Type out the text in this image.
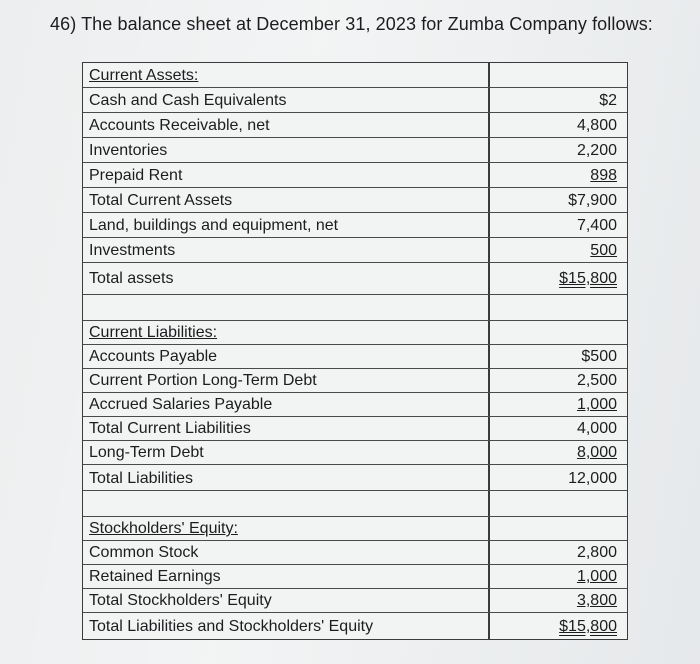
46) The balance sheet at December 31, 2023 for Zumba Company follows:
Current Assets:
Cash and Cash Equivalents	$2
Accounts Receivable, net	4,800
Inventories	2,200
Prepaid Rent	898
Total Current Assets	$7,900
Land, buildings and equipment, net	7,400
Investments	500
Total assets	$15,800
Current Liabilities:
Accounts Payable	$500
Current Portion Long-Term Debt	2,500
Accrued Salaries Payable	1,000
Total Current Liabilities	4,000
Long-Term Debt	8,000
Total Liabilities	12,000
Stockholders' Equity:
Common Stock	2,800
Retained Earnings	1,000
Total Stockholders' Equity	3,800
Total Liabilities and Stockholders' Equity	$15,800
